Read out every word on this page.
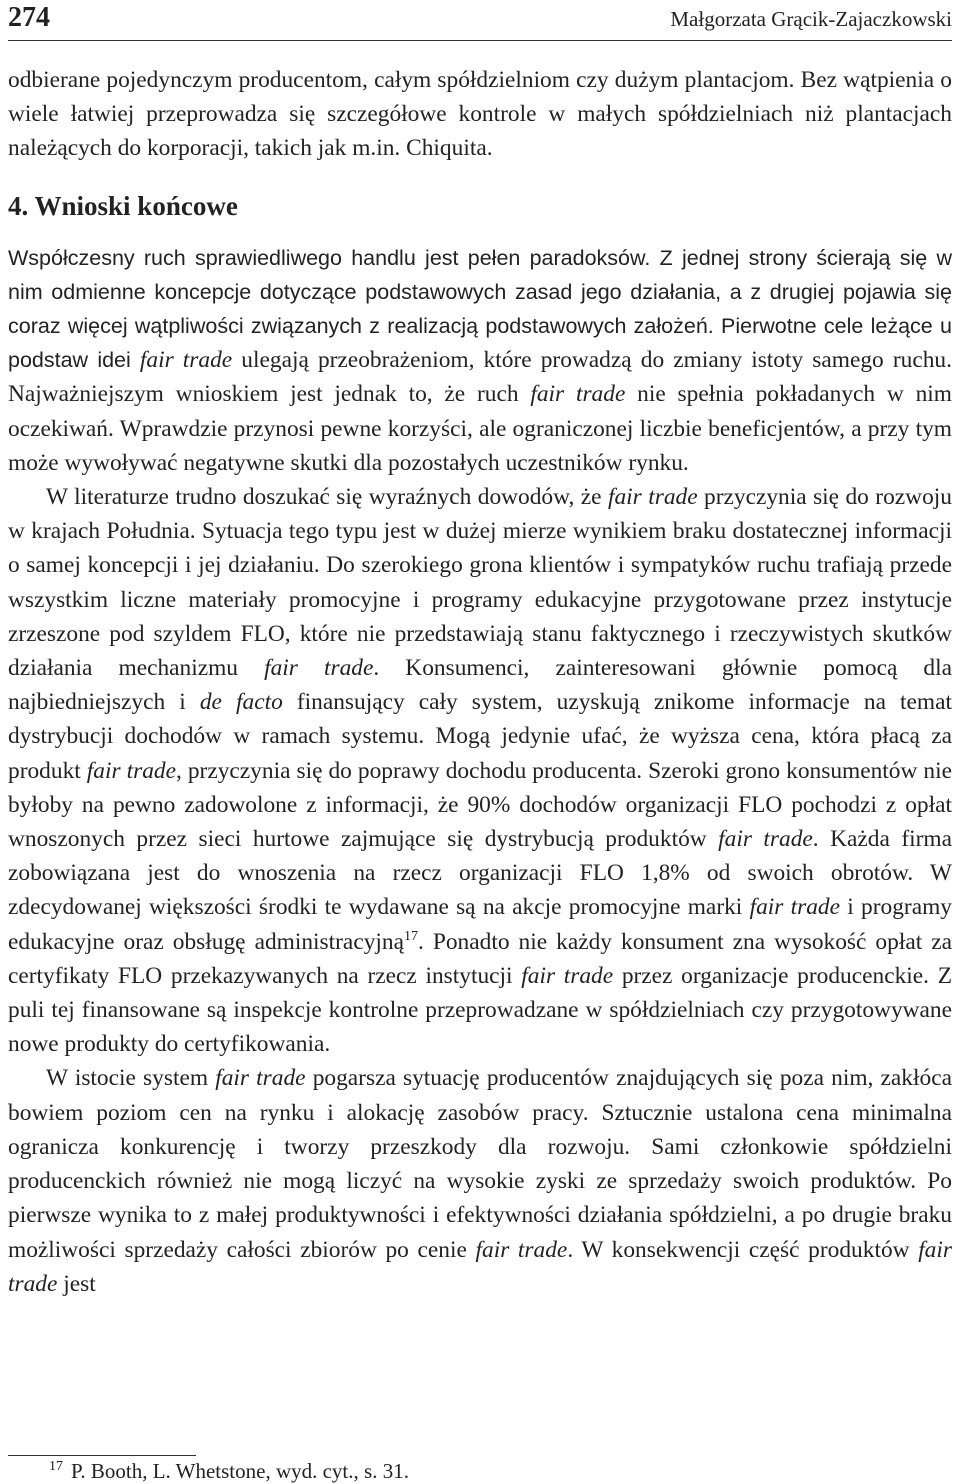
274	Małgorzata Grącik-Zajaczkowski

odbierane pojedynczym producentom, całym spółdzielniom czy dużym plantacjom. Bez wątpienia o wiele łatwiej przeprowadza się szczegółowe kontrole w małych spółdzielniach niż plantacjach należących do korporacji, takich jak m.in. Chiquita.

4. Wnioski końcowe

Współczesny ruch sprawiedliwego handlu jest pełen paradoksów. Z jednej strony ścierają się w nim odmienne koncepcje dotyczące podstawowych zasad jego działania, a z drugiej pojawia się coraz więcej wątpliwości związanych z realizacją podstawowych założeń. Pierwotne cele leżące u podstaw idei fair trade ulegają przeobrażeniom, które prowadzą do zmiany istoty samego ruchu. Najważniejszym wnioskiem jest jednak to, że ruch fair trade nie spełnia pokładanych w nim oczekiwań. Wprawdzie przynosi pewne korzyści, ale ograniczonej liczbie beneficjentów, a przy tym może wywoływać negatywne skutki dla pozostałych uczestników rynku.

W literaturze trudno doszukać się wyraźnych dowodów, że fair trade przyczynia się do rozwoju w krajach Południa. Sytuacja tego typu jest w dużej mierze wynikiem braku dostatecznej informacji o samej koncepcji i jej działaniu. Do szerokiego grona klientów i sympatyków ruchu trafiają przede wszystkim liczne materiały promocyjne i programy edukacyjne przygotowane przez instytucje zrzeszone pod szyldem FLO, które nie przedstawiają stanu faktycznego i rzeczywistych skutków działania mechanizmu fair trade. Konsumenci, zainteresowani głównie pomocą dla najbiedniejszych i de facto finansujący cały system, uzyskują znikome informacje na temat dystrybucji dochodów w ramach systemu. Mogą jedynie ufać, że wyższa cena, która płacą za produkt fair trade, przyczynia się do poprawy dochodu producenta. Szeroki grono konsumentów nie byłoby na pewno zadowolone z informacji, że 90% dochodów organizacji FLO pochodzi z opłat wnoszonych przez sieci hurtowe zajmujące się dystrybucją produktów fair trade. Każda firma zobowiązana jest do wnoszenia na rzecz organizacji FLO 1,8% od swoich obrotów. W zdecydowanej większości środki te wydawane są na akcje promocyjne marki fair trade i programy edukacyjne oraz obsługę administracyjną$^{17}$. Ponadto nie każdy konsument zna wysokość opłat za certyfikaty FLO przekazywanych na rzecz instytucji fair trade przez organizacje producenckie. Z puli tej finansowane są inspekcje kontrolne przeprowadzane w spółdzielniach czy przygotowywane nowe produkty do certyfikowania.

W istocie system fair trade pogarsza sytuację producentów znajdujących się poza nim, zakłóca bowiem poziom cen na rynku i alokację zasobów pracy. Sztucznie ustalona cena minimalna ogranicza konkurencję i tworzy przeszkody dla rozwoju. Sami członkowie spółdzielni producenckich również nie mogą liczyć na wysokie zyski ze sprzedaży swoich produktów. Po pierwsze wynika to z małej produktywności i efektywności działania spółdzielni, a po drugie braku możliwości sprzedaży całości zbiorów po cenie fair trade. W konsekwencji część produktów fair trade jest

$^{17}$ P. Booth, L. Whetstone, wyd. cyt., s. 31.
